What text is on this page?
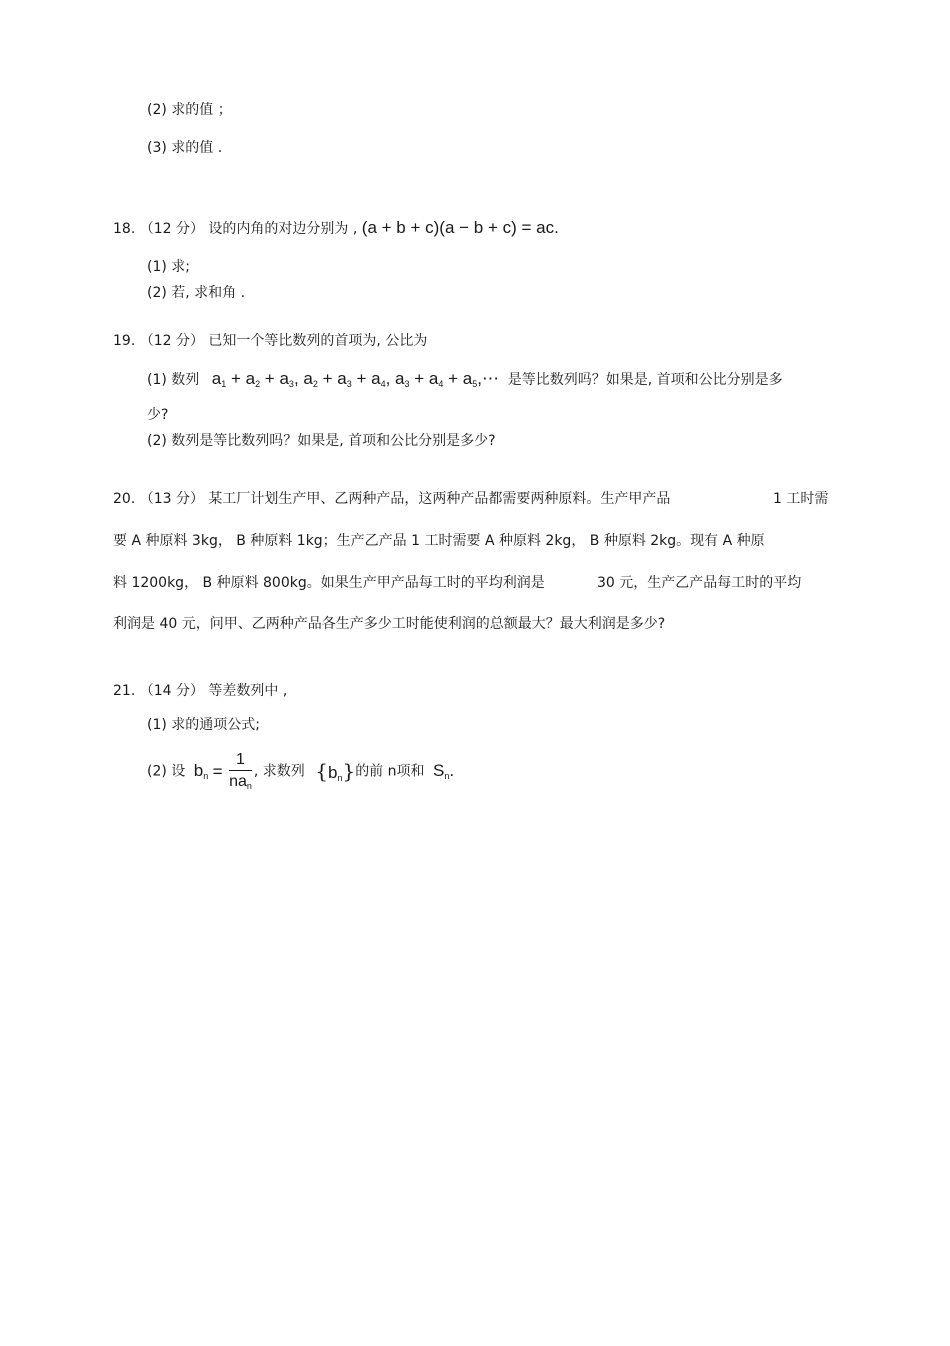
(2) 求的值 ；
(3) 求的值 .
18. （12 分） 设的内角的对边分别为 , (a + b + c)(a − b + c) = ac.
(1) 求;
(2) 若, 求和角 .
19. （12 分） 已知一个等比数列的首项为, 公比为
(1) 数列 $a_1 + a_2 + a_3$, $a_2 + a_3 + a_4$, $a_3 + a_4$ + $a_5,\cdots$ 是等比数列吗？如果是, 首项和公比分别是多
少?
(2) 数列是等比数列吗？如果是, 首项和公比分别是多少?
20. （13 分） 某工厂计划生产甲、乙两种产品，这两种产品都需要两种原料。生产甲产品	1 工时需
要 A 种原料 3kg， B 种原料 1kg；生产乙产品 1 工时需要 A 种原料 2kg， B 种原料 2kg。现有 A 种原
料 1200kg， B 种原料 800kg。如果生产甲产品每工时的平均利润是	30 元，生产乙产品每工时的平均
利润是 40 元，问甲、乙两种产品各生产多少工时能使利润的总额最大？最大利润是多少?
21. （14 分） 等差数列中 ,
(1) 求的通项公式;
(2) 设 $b_n = \frac{1}{na_n}$ , 求数列 $\{b_n\}$的前 n项和 $S_n$.
